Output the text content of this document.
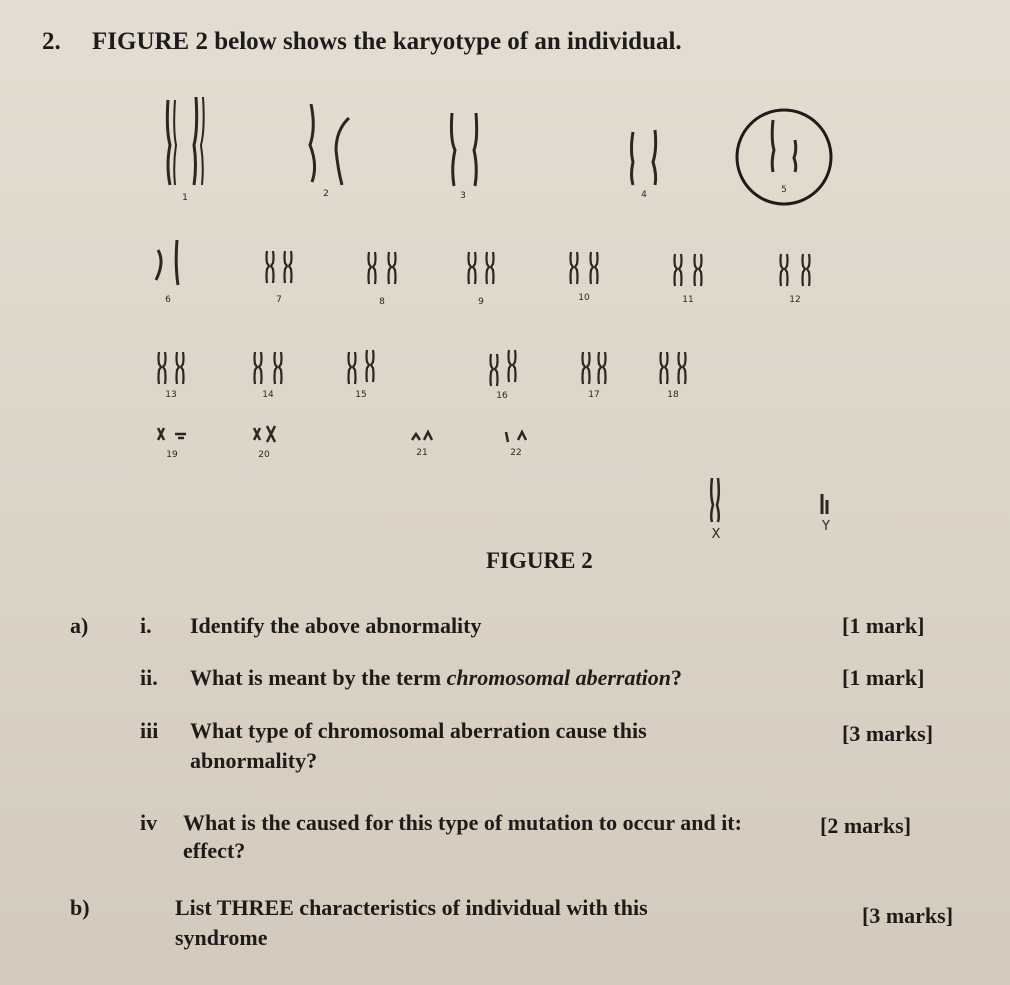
2. FIGURE 2 below shows the karyotype of an individual.
1	2	3	4	5
6	7	8	9	10	11	12
13	14	15	16	17	18
19	20	21	22
X
Y
FIGURE 2
a) i. Identify the above abnormality	[1 mark]
ii. What is meant by the term chromosomal aberration?	[1 mark]
iii What type of chromosomal aberration cause this
abnormality?
[3 marks]
iv What is the caused for this type of mutation to occur and it:
effect?
[2 marks]
b)	List THREE characteristics of individual with this
syndrome
[3 marks]
